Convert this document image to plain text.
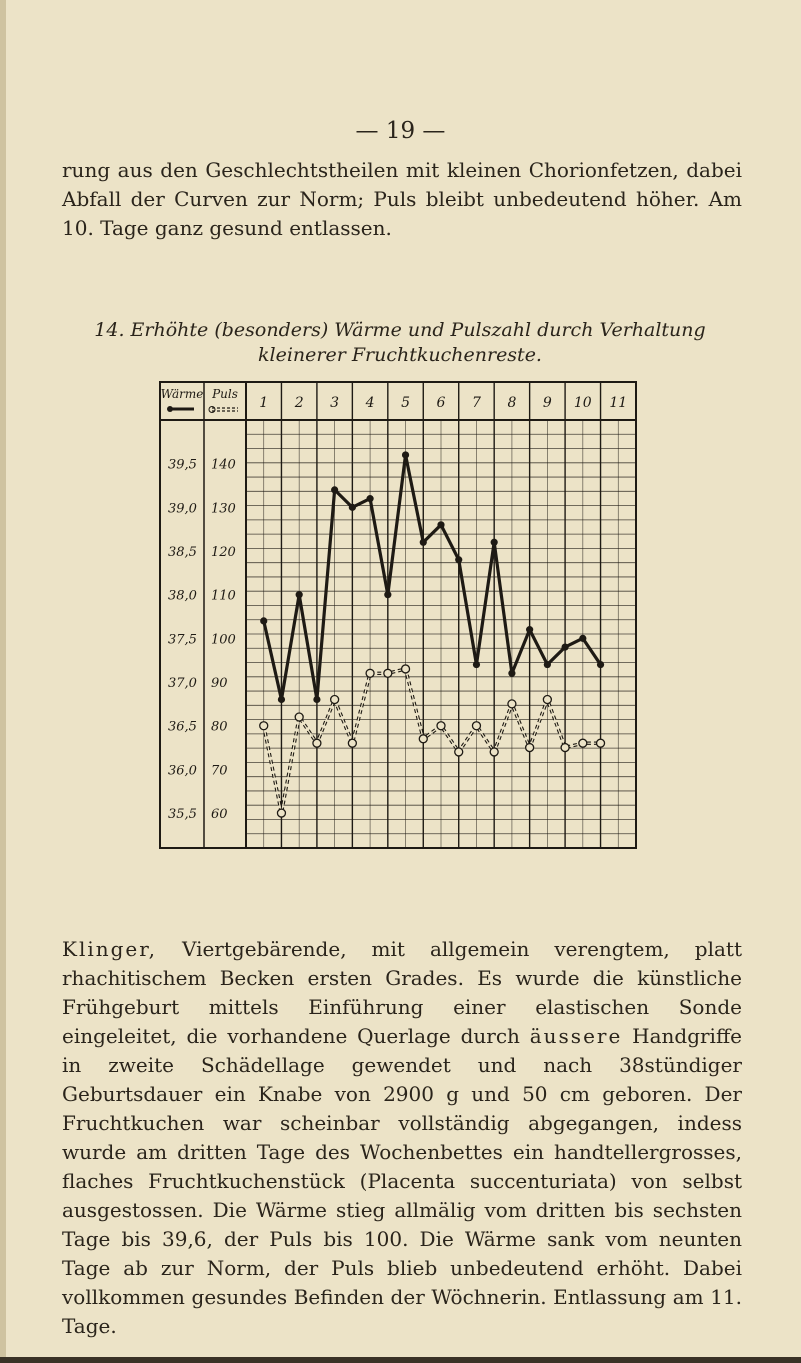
— 19 —
rung aus den Geschlechtstheilen mit kleinen Chorionfetzen, dabei Abfall der Curven zur Norm; Puls bleibt unbedeutend höher. Am 10. Tage ganz gesund entlassen.
14. Erhöhte (besonders) Wärme und Pulszahl durch Verhaltung
kleinerer Fruchtkuchenreste.
Wärme Puls
1 2 3 4 5 6 7 8 9 10 11
39,5
39,0
38,5
38,0
37,5
37,0
36,5
36,0
35,5
140
130
120
110
100
90
80
70
60
Klinger, Viertgebärende, mit allgemein verengtem, platt rhachitischem Becken ersten Grades. Es wurde die künstliche Frühgeburt mittels Einführung einer elastischen Sonde eingeleitet, die vorhandene Querlage durch äussere Handgriffe in zweite Schädellage gewendet und nach 38stündiger Geburtsdauer ein Knabe von 2900 g und 50 cm geboren. Der Fruchtkuchen war scheinbar vollständig abgegangen, indess wurde am dritten Tage des Wochenbettes ein handtellergrosses, flaches Fruchtkuchenstück (Placenta succenturiata) von selbst ausgestossen. Die Wärme stieg allmälig vom dritten bis sechsten Tage bis 39,6, der Puls bis 100. Die Wärme sank vom neunten Tage ab zur Norm, der Puls blieb unbedeutend erhöht. Dabei vollkommen gesundes Befinden der Wöchnerin. Entlassung am 11. Tage.
